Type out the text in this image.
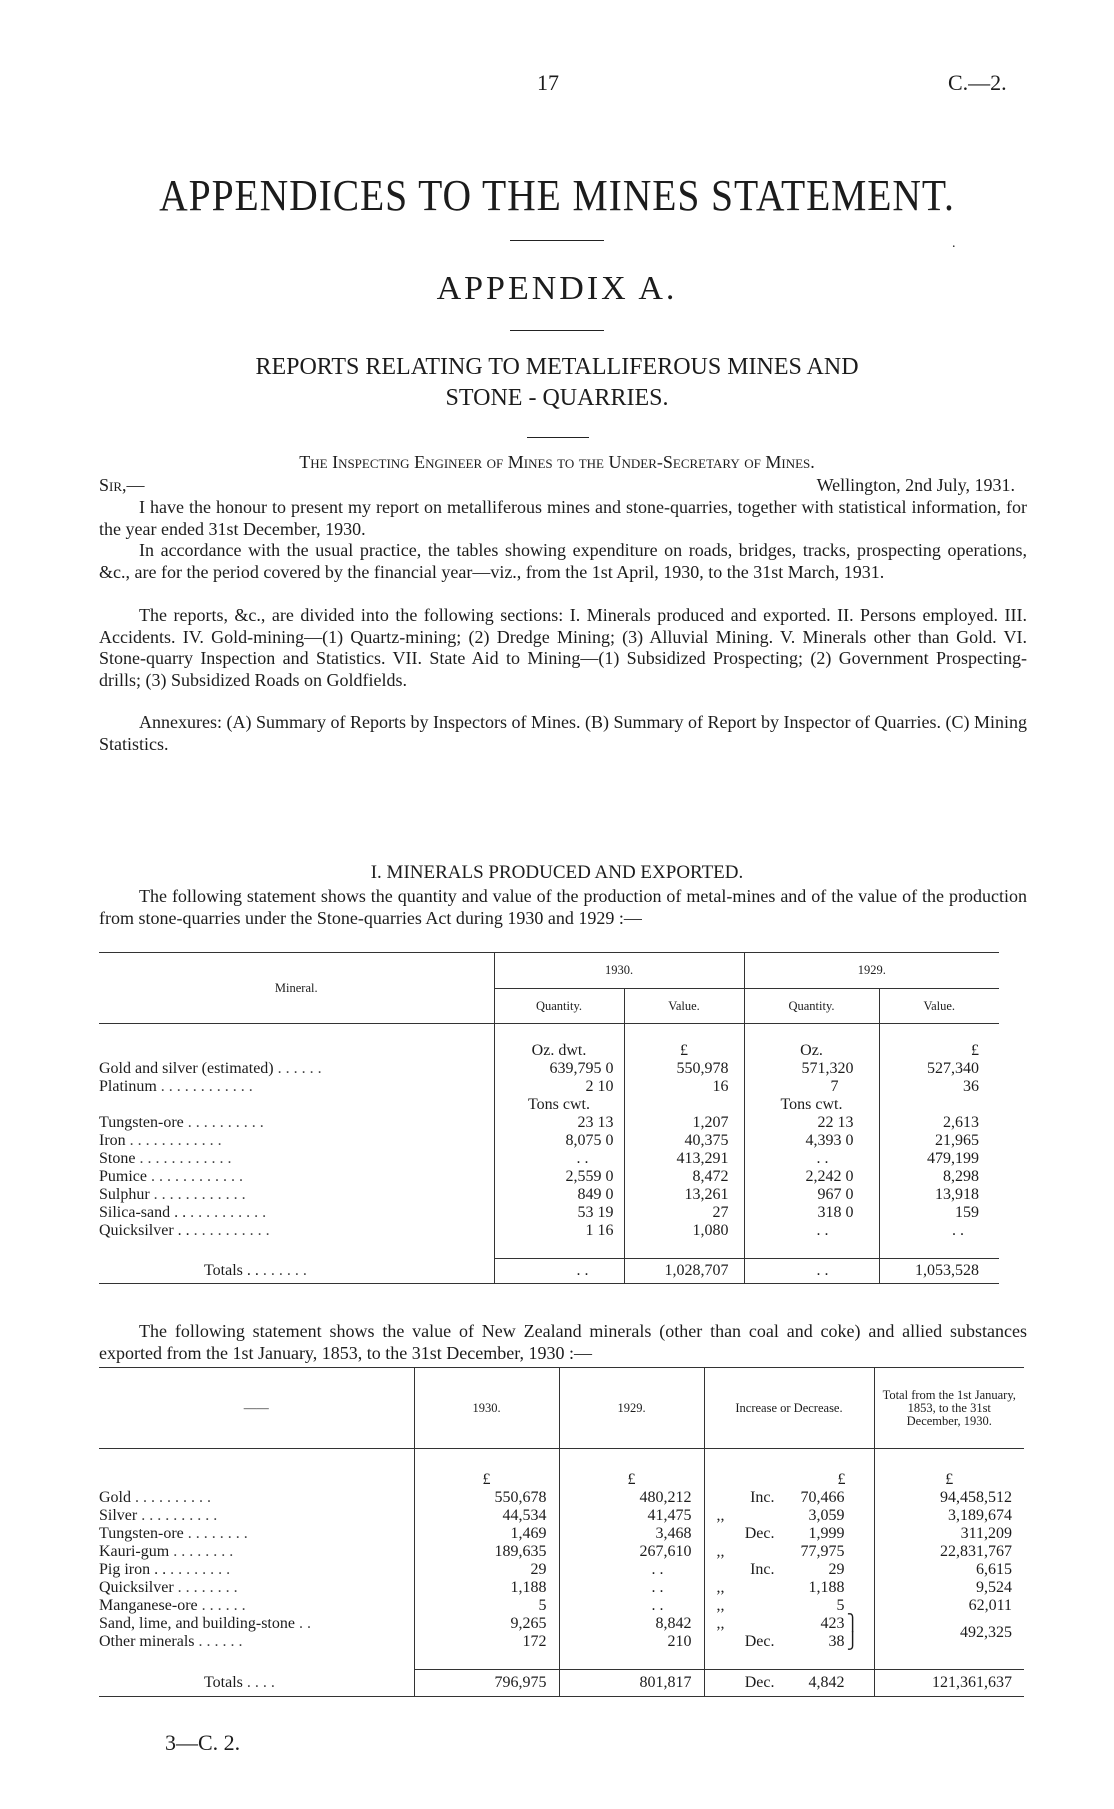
17	C.—2.
APPENDICES TO THE MINES STATEMENT.
.
APPENDIX A.
REPORTS RELATING TO METALLIFEROUS MINES AND
STONE - QUARRIES.
The Inspecting Engineer of Mines to the Under-Secretary of Mines.
Sir,—	Wellington, 2nd July, 1931.
I have the honour to present my report on metalliferous mines and stone-quarries, together with statistical information, for the year ended 31st December, 1930.
In accordance with the usual practice, the tables showing expenditure on roads, bridges, tracks, prospecting operations, &c., are for the period covered by the financial year—viz., from the 1st April, 1930, to the 31st March, 1931.
The reports, &c., are divided into the following sections: I. Minerals produced and exported. II. Persons employed. III. Accidents. IV. Gold-mining—(1) Quartz-mining; (2) Dredge Mining; (3) Alluvial Mining. V. Minerals other than Gold. VI. Stone-quarry Inspection and Statistics. VII. State Aid to Mining—(1) Subsidized Prospecting; (2) Government Prospecting-drills; (3) Subsidized Roads on Goldfields.
Annexures: (A) Summary of Reports by Inspectors of Mines. (B) Summary of Report by Inspector of Quarries. (C) Mining Statistics.
I. MINERALS PRODUCED AND EXPORTED.
The following statement shows the quantity and value of the production of metal-mines and of the value of the production from stone-quarries under the Stone-quarries Act during 1930 and 1929 :—
Mineral.	1930.		1929.	
	Quantity.	Value.	Quantity.	Value.

	Oz. dwt.	£	Oz.	£
Gold and silver (estimated) . . . . . .	639,795 0	550,978	571,320	527,340
Platinum . . . . . . . . . . . .	2 10	16	7	36
	Tons cwt.		Tons cwt.	
Tungsten-ore . . . . . . . . . .	23 13	1,207	22 13	2,613
Iron . . . . . . . . . . . .	8,075 0	40,375	4,393 0	21,965
Stone . . . . . . . . . . . .	. .	413,291	. .	479,199
Pumice . . . . . . . . . . . .	2,559 0	8,472	2,242 0	8,298
Sulphur . . . . . . . . . . . .	849 0	13,261	967 0	13,918
Silica-sand . . . . . . . . . . . .	53 19	27	318 0	159
Quicksilver . . . . . . . . . . . .	1 16	1,080	. .	. .

Totals . . . . . . . .	. .	1,028,707	. .	1,053,528
The following statement shows the value of New Zealand minerals (other than coal and coke) and allied substances exported from the 1st January, 1853, to the 31st December, 1930 :—
——	1930.	1929.	Increase or Decrease.	Total from the 1st January, 1853, to the 31st December, 1930.

	£	£	£	£
Gold . . . . . . . . . .	550,678	480,212	Inc. 70,466	94,458,512
Silver . . . . . . . . . .	44,534	41,475	,, 3,059	3,189,674
Tungsten-ore . . . . . . . .	1,469	3,468	Dec. 1,999	311,209
Kauri-gum . . . . . . . .	189,635	267,610	,, 77,975	22,831,767
Pig iron . . . . . . . . . .	29	. .	Inc. 29	6,615
Quicksilver . . . . . . . .	1,188	. .	,, 1,188	9,524
Manganese-ore . . . . . .	5	. .	,, 5	62,011
Sand, lime, and building-stone . .	9,265	8,842	,, 423 ⎫	492,325
Other minerals . . . . . .	172	210	Dec. 38 ⎭	

Totals . . . .	796,975	801,817	Dec. 4,842	121,361,637
3—C. 2.
